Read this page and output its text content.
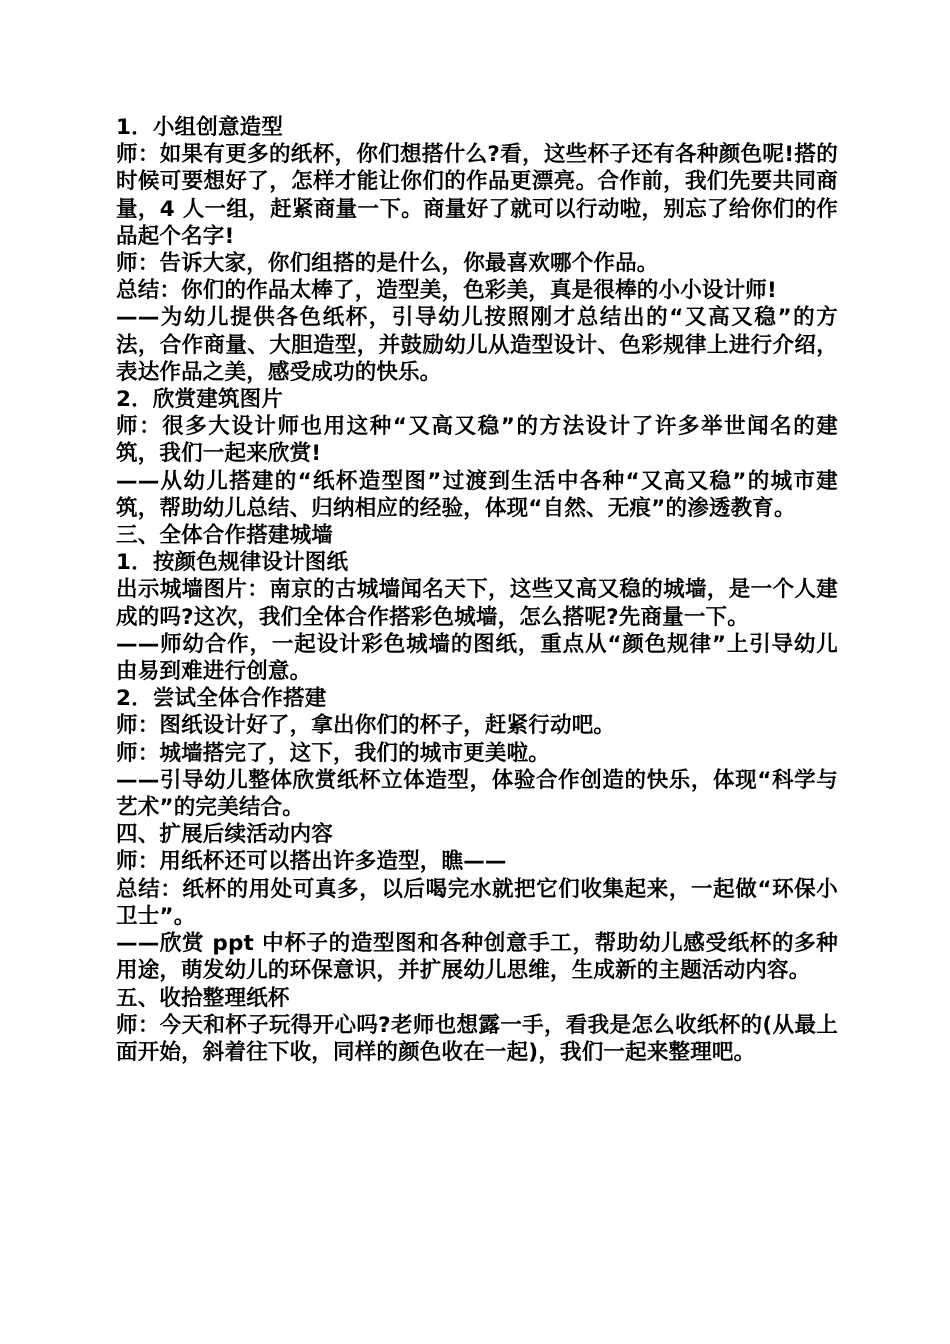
1．小组创意造型

师：如果有更多的纸杯，你们想搭什么?看，这些杯子还有各种颜色呢!搭的时候可要想好了，怎样才能让你们的作品更漂亮。合作前，我们先要共同商量，4 人一组，赶紧商量一下。商量好了就可以行动啦，别忘了给你们的作品起个名字!

师：告诉大家，你们组搭的是什么，你最喜欢哪个作品。

总结：你们的作品太棒了，造型美，色彩美，真是很棒的小小设计师!

——为幼儿提供各色纸杯，引导幼儿按照刚才总结出的“又高又稳”的方法，合作商量、大胆造型，并鼓励幼儿从造型设计、色彩规律上进行介绍，表达作品之美，感受成功的快乐。

2．欣赏建筑图片

师：很多大设计师也用这种“又高又稳”的方法设计了许多举世闻名的建筑，我们一起来欣赏!

——从幼儿搭建的“纸杯造型图”过渡到生活中各种“又高又稳”的城市建筑，帮助幼儿总结、归纳相应的经验，体现“自然、无痕”的渗透教育。

三、全体合作搭建城墙

1．按颜色规律设计图纸

出示城墙图片：南京的古城墙闻名天下，这些又高又稳的城墙，是一个人建成的吗?这次，我们全体合作搭彩色城墙，怎么搭呢?先商量一下。

——师幼合作，一起设计彩色城墙的图纸，重点从“颜色规律”上引导幼儿由易到难进行创意。

2．尝试全体合作搭建

师：图纸设计好了，拿出你们的杯子，赶紧行动吧。

师：城墙搭完了，这下，我们的城市更美啦。

——引导幼儿整体欣赏纸杯立体造型，体验合作创造的快乐，体现“科学与艺术”的完美结合。

四、扩展后续活动内容

师：用纸杯还可以搭出许多造型，瞧——

总结：纸杯的用处可真多，以后喝完水就把它们收集起来，一起做“环保小卫士”。

——欣赏 ppt 中杯子的造型图和各种创意手工，帮助幼儿感受纸杯的多种用途，萌发幼儿的环保意识，并扩展幼儿思维，生成新的主题活动内容。

五、收拾整理纸杯

师：今天和杯子玩得开心吗?老师也想露一手，看我是怎么收纸杯的(从最上面开始，斜着往下收，同样的颜色收在一起)，我们一起来整理吧。
